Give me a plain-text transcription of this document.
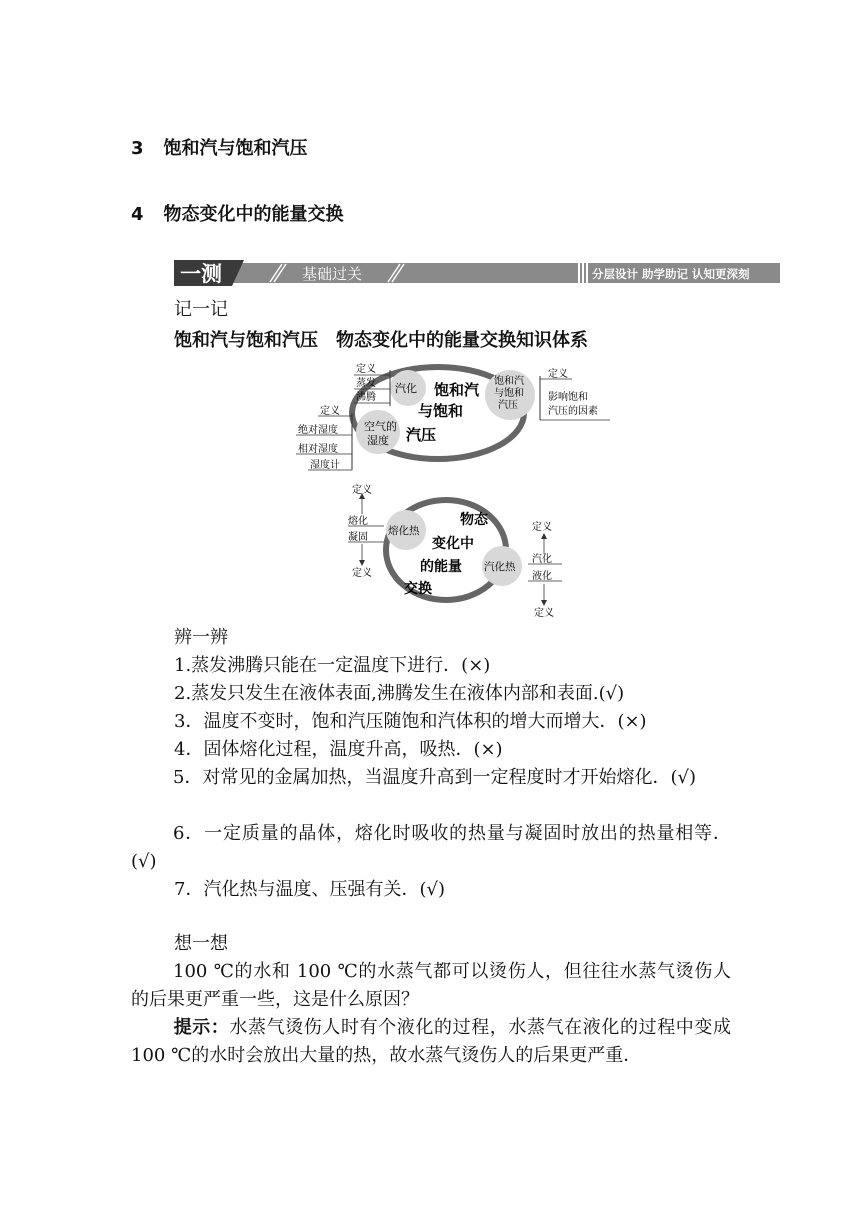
3 饱和汽与饱和汽压
4 物态变化中的能量交换
一测	基础过关	分层设计 助学助记 认知更深刻
记一记
饱和汽与饱和汽压　物态变化中的能量交换知识体系
饱和汽
与饱和
汽压
汽化
定义
蒸发
沸腾
饱和汽
与饱和
汽压
定义
影响饱和
汽压的因素
空气的
湿度
定义
绝对湿度
相对湿度
湿度计
物态
变化中
的能量
交换
熔化热
定义
熔化
凝固
定义
汽化热
定义
汽化
液化
定义
辨一辨
1.蒸发沸腾只能在一定温度下进行．(×)
2.蒸发只发生在液体表面,沸腾发生在液体内部和表面.(√)
3．温度不变时，饱和汽压随饱和汽体积的增大而增大．(×)
4．固体熔化过程，温度升高，吸热．(×)
5．对常见的金属加热，当温度升高到一定程度时才开始熔化．(√)
6．一定质量的晶体，熔化时吸收的热量与凝固时放出的热量相等．(√)
7．汽化热与温度、压强有关．(√)
想一想
100 ℃的水和 100 ℃的水蒸气都可以烫伤人，但往往水蒸气烫伤人的后果更严重一些，这是什么原因？
提示：水蒸气烫伤人时有个液化的过程，水蒸气在液化的过程中变成 100 ℃的水时会放出大量的热，故水蒸气烫伤人的后果更严重．
